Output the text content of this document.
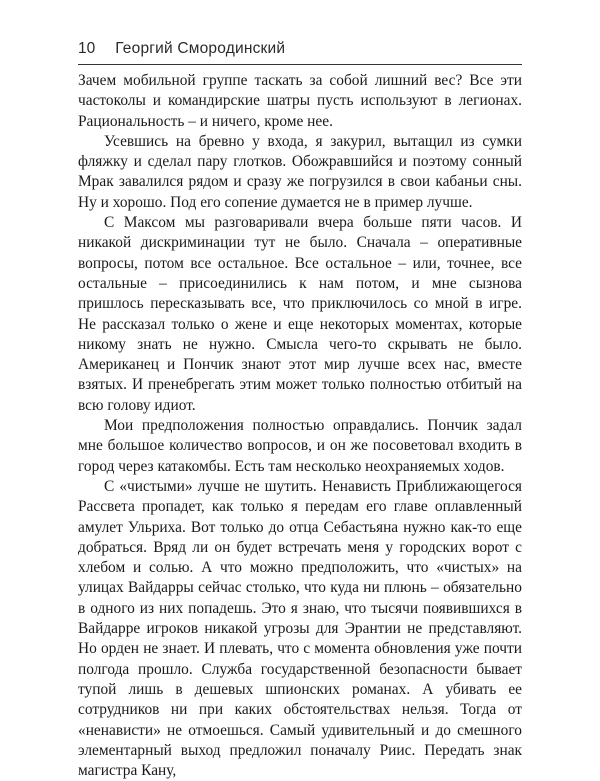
10 Георгий Смородинский

Зачем мобильной группе таскать за собой лишний вес? Все эти частоколы и командирские шатры пусть используют в легионах. Рациональность – и ничего, кроме нее.

Усевшись на бревно у входа, я закурил, вытащил из сумки фляжку и сделал пару глотков. Обожравшийся и поэтому сонный Мрак завалился рядом и сразу же погрузился в свои кабаньи сны. Ну и хорошо. Под его сопение думается не в пример лучше.

С Максом мы разговаривали вчера больше пяти часов. И никакой дискриминации тут не было. Сначала – оперативные вопросы, потом все остальное. Все остальное – или, точнее, все остальные – присоединились к нам потом, и мне сызнова пришлось пересказывать все, что приключилось со мной в игре. Не рассказал только о жене и еще некоторых моментах, которые никому знать не нужно. Смысла чего-то скрывать не было. Американец и Пончик знают этот мир лучше всех нас, вместе взятых. И пренебрегать этим может только полностью отбитый на всю голову идиот.

Мои предположения полностью оправдались. Пончик задал мне большое количество вопросов, и он же посоветовал входить в город через катакомбы. Есть там несколько неохраняемых ходов.

С «чистыми» лучше не шутить. Ненависть Приближающегося Рассвета пропадет, как только я передам его главе оплавленный амулет Ульриха. Вот только до отца Себастьяна нужно как-то еще добраться. Вряд ли он будет встречать меня у городских ворот с хлебом и солью. А что можно предположить, что «чистых» на улицах Вайдарры сейчас столько, что куда ни плюнь – обязательно в одного из них попадешь. Это я знаю, что тысячи появившихся в Вайдарре игроков никакой угрозы для Эрантии не представляют. Но орден не знает. И плевать, что с момента обновления уже почти полгода прошло. Служба государственной безопасности бывает тупой лишь в дешевых шпионских романах. А убивать ее сотрудников ни при каких обстоятельствах нельзя. Тогда от «ненависти» не отмоешься. Самый удивительный и до смешного элементарный выход предложил поначалу Риис. Передать знак магистра Кану,
